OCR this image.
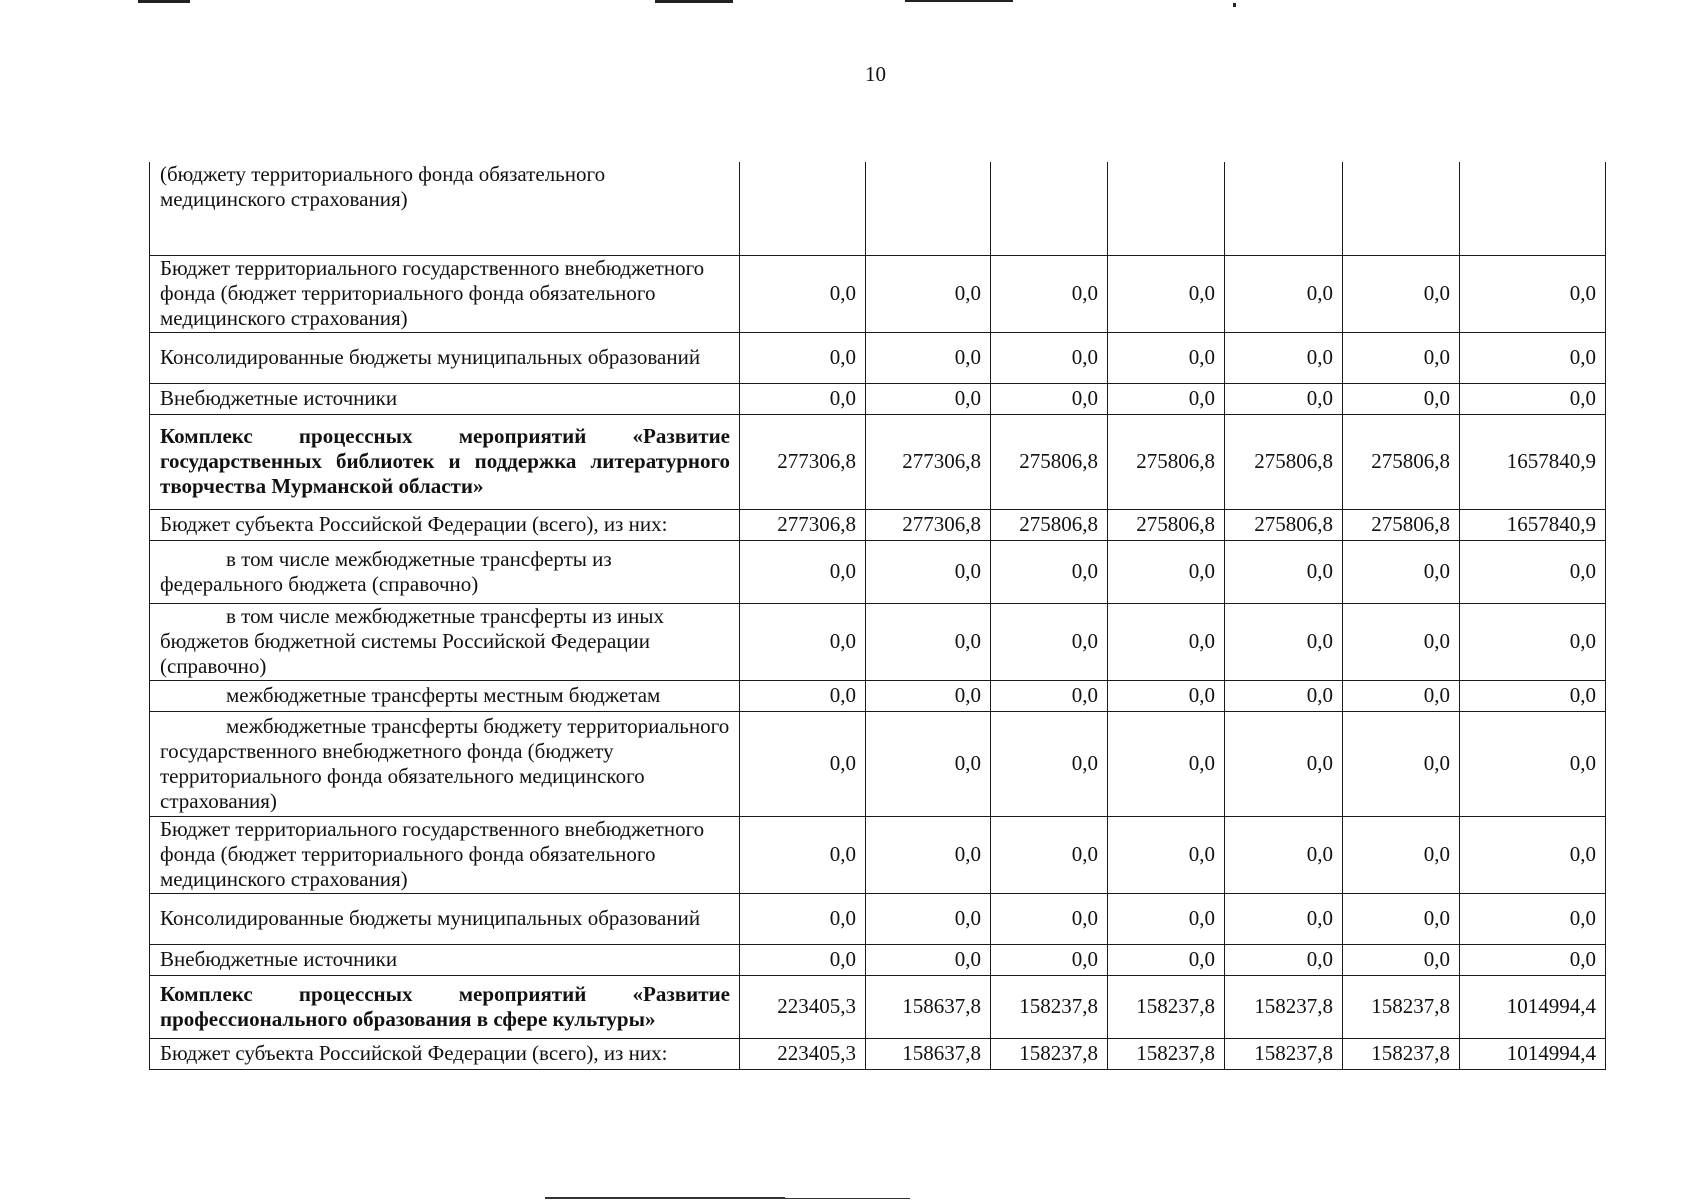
10
(бюджету территориального фонда обязательного медицинского страхования)							
Бюджет территориального государственного внебюджетного фонда (бюджет территориального фонда обязательного медицинского страхования)	0,0	0,0	0,0	0,0	0,0	0,0	0,0
Консолидированные бюджеты муниципальных образований	0,0	0,0	0,0	0,0	0,0	0,0	0,0
Внебюджетные источники	0,0	0,0	0,0	0,0	0,0	0,0	0,0
Комплекс процессных мероприятий «Развитие государственных библиотек и поддержка литературного творчества Мурманской области»	277306,8	277306,8	275806,8	275806,8	275806,8	275806,8	1657840,9
Бюджет субъекта Российской Федерации (всего), из них:	277306,8	277306,8	275806,8	275806,8	275806,8	275806,8	1657840,9
в том числе межбюджетные трансферты из федерального бюджета (справочно)	0,0	0,0	0,0	0,0	0,0	0,0	0,0
в том числе межбюджетные трансферты из иных бюджетов бюджетной системы Российской Федерации (справочно)	0,0	0,0	0,0	0,0	0,0	0,0	0,0
межбюджетные трансферты местным бюджетам	0,0	0,0	0,0	0,0	0,0	0,0	0,0
межбюджетные трансферты бюджету территориального государственного внебюджетного фонда (бюджету территориального фонда обязательного медицинского страхования)	0,0	0,0	0,0	0,0	0,0	0,0	0,0
Бюджет территориального государственного внебюджетного фонда (бюджет территориального фонда обязательного медицинского страхования)	0,0	0,0	0,0	0,0	0,0	0,0	0,0
Консолидированные бюджеты муниципальных образований	0,0	0,0	0,0	0,0	0,0	0,0	0,0
Внебюджетные источники	0,0	0,0	0,0	0,0	0,0	0,0	0,0
Комплекс процессных мероприятий «Развитие профессионального образования в сфере культуры»	223405,3	158637,8	158237,8	158237,8	158237,8	158237,8	1014994,4
Бюджет субъекта Российской Федерации (всего), из них:	223405,3	158637,8	158237,8	158237,8	158237,8	158237,8	1014994,4
